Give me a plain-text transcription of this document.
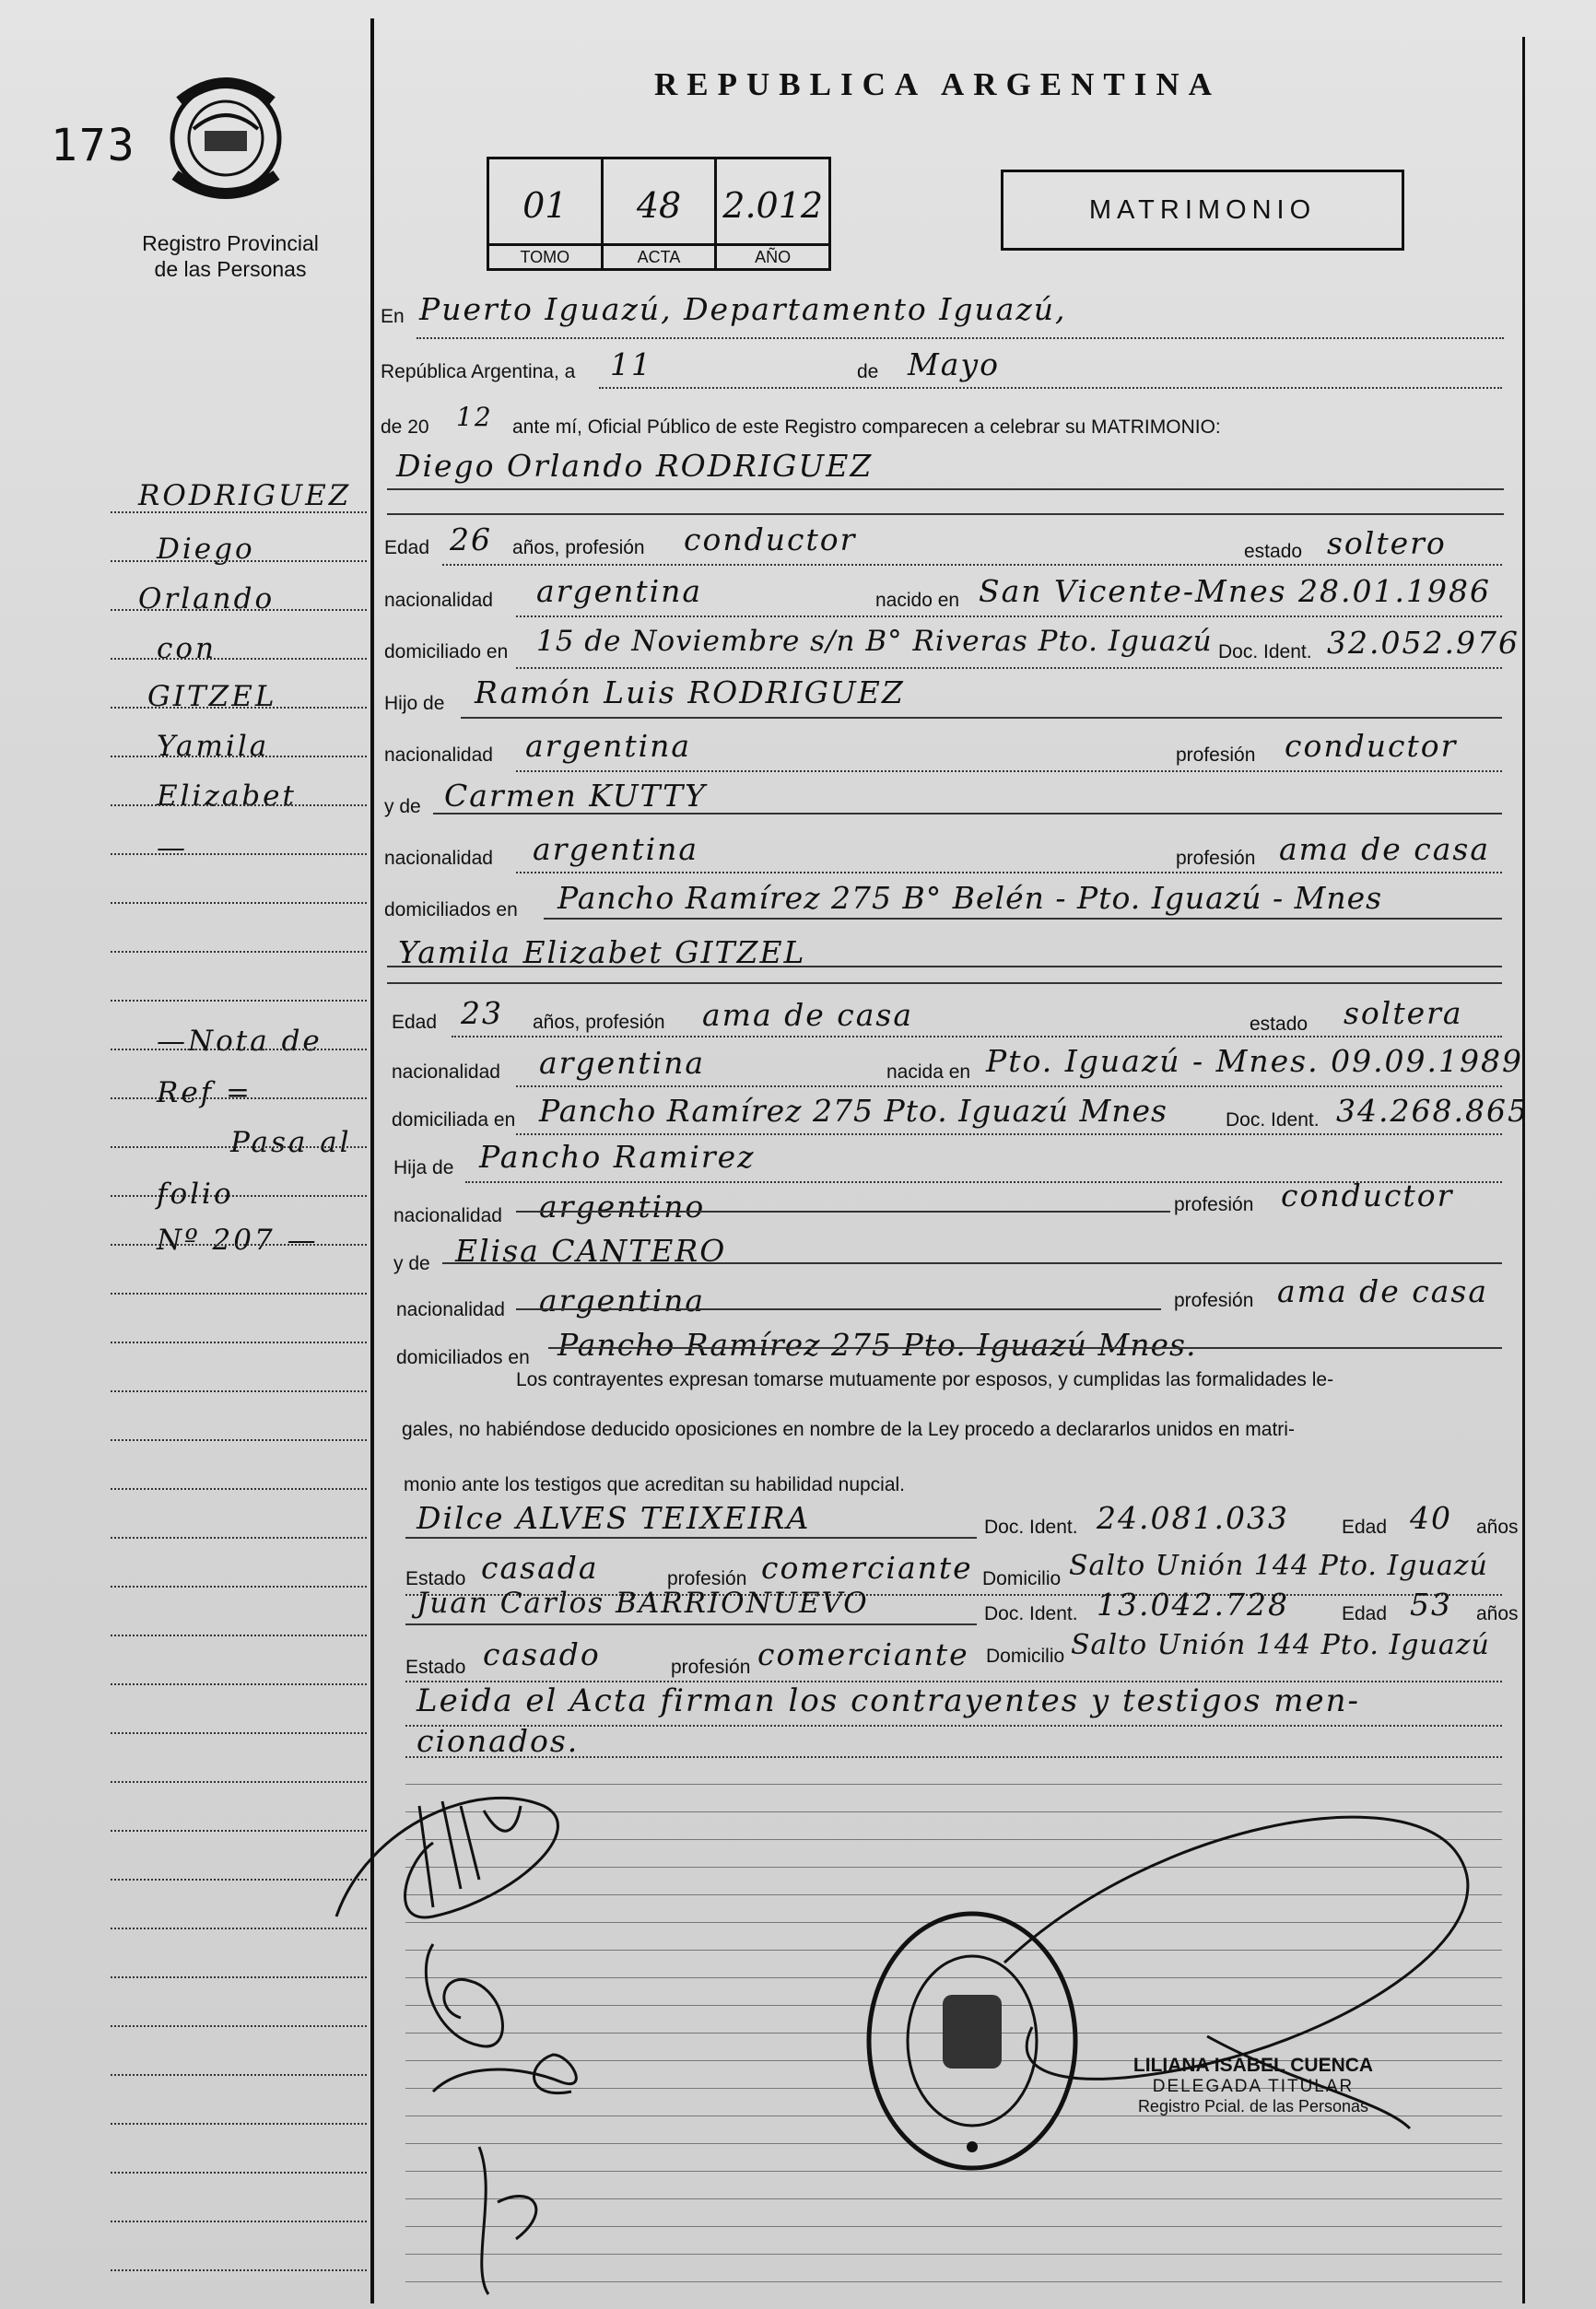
173
Registro Provincial
de las Personas
REPUBLICA ARGENTINA
01
TOMO
48
ACTA
2.012
AÑO
MATRIMONIO
RODRIGUEZ
Diego
Orlando
con
GITZEL
Yamila
Elizabet
—
—Nota de
Ref =
Pasa al
folio
Nº 207 —
En Puerto Iguazú, Departamento Iguazú,
República Argentina, a 11	de Mayo
de 20 12 ante mí, Oficial Público de este Registro comparecen a celebrar su MATRIMONIO:
Diego Orlando RODRIGUEZ
Edad 26 años, profesión conductor	estado soltero
nacionalidad argentina	nacido en San Vicente-Mnes 28.01.1986
domiciliado en 15 de Noviembre s/n B° Riveras Pto. Iguazú Doc. Ident. 32.052.976
Hijo de Ramón Luis RODRIGUEZ
nacionalidad argentina	profesión conductor
y de Carmen KUTTY
nacionalidad argentina	profesión ama de casa
domiciliados en Pancho Ramírez 275 B° Belén - Pto. Iguazú - Mnes
Yamila Elizabet GITZEL
Edad 23 años, profesión ama de casa	estado soltera
nacionalidad argentina	nacida en Pto. Iguazú - Mnes. 09.09.1989
domiciliada en Pancho Ramírez 275 Pto. Iguazú Mnes	Doc. Ident. 34.268.865
Hija de Pancho Ramirez
nacionalidad argentino	profesión conductor
y de Elisa CANTERO
nacionalidad argentina	profesión ama de casa
domiciliados en Pancho Ramírez 275 Pto. Iguazú Mnes.
Los contrayentes expresan tomarse mutuamente por esposos, y cumplidas las formalidades le-
gales, no habiéndose deducido oposiciones en nombre de la Ley procedo a declararlos unidos en matri-
monio ante los testigos que acreditan su habilidad nupcial.
Dilce ALVES TEIXEIRA	Doc. Ident. 24.081.033	Edad 40 años
Estado casada	profesión comerciante Domicilio Salto Unión 144 Pto. Iguazú
Juan Carlos BARRIONUEVO	Doc. Ident. 13.042.728	Edad 53 años
Estado casado	profesión comerciante Domicilio Salto Unión 144 Pto. Iguazú
Leida el Acta firman los contrayentes y testigos men-
cionados.
LILIANA ISABEL CUENCA
DELEGADA TITULAR
Registro Pcial. de las Personas
